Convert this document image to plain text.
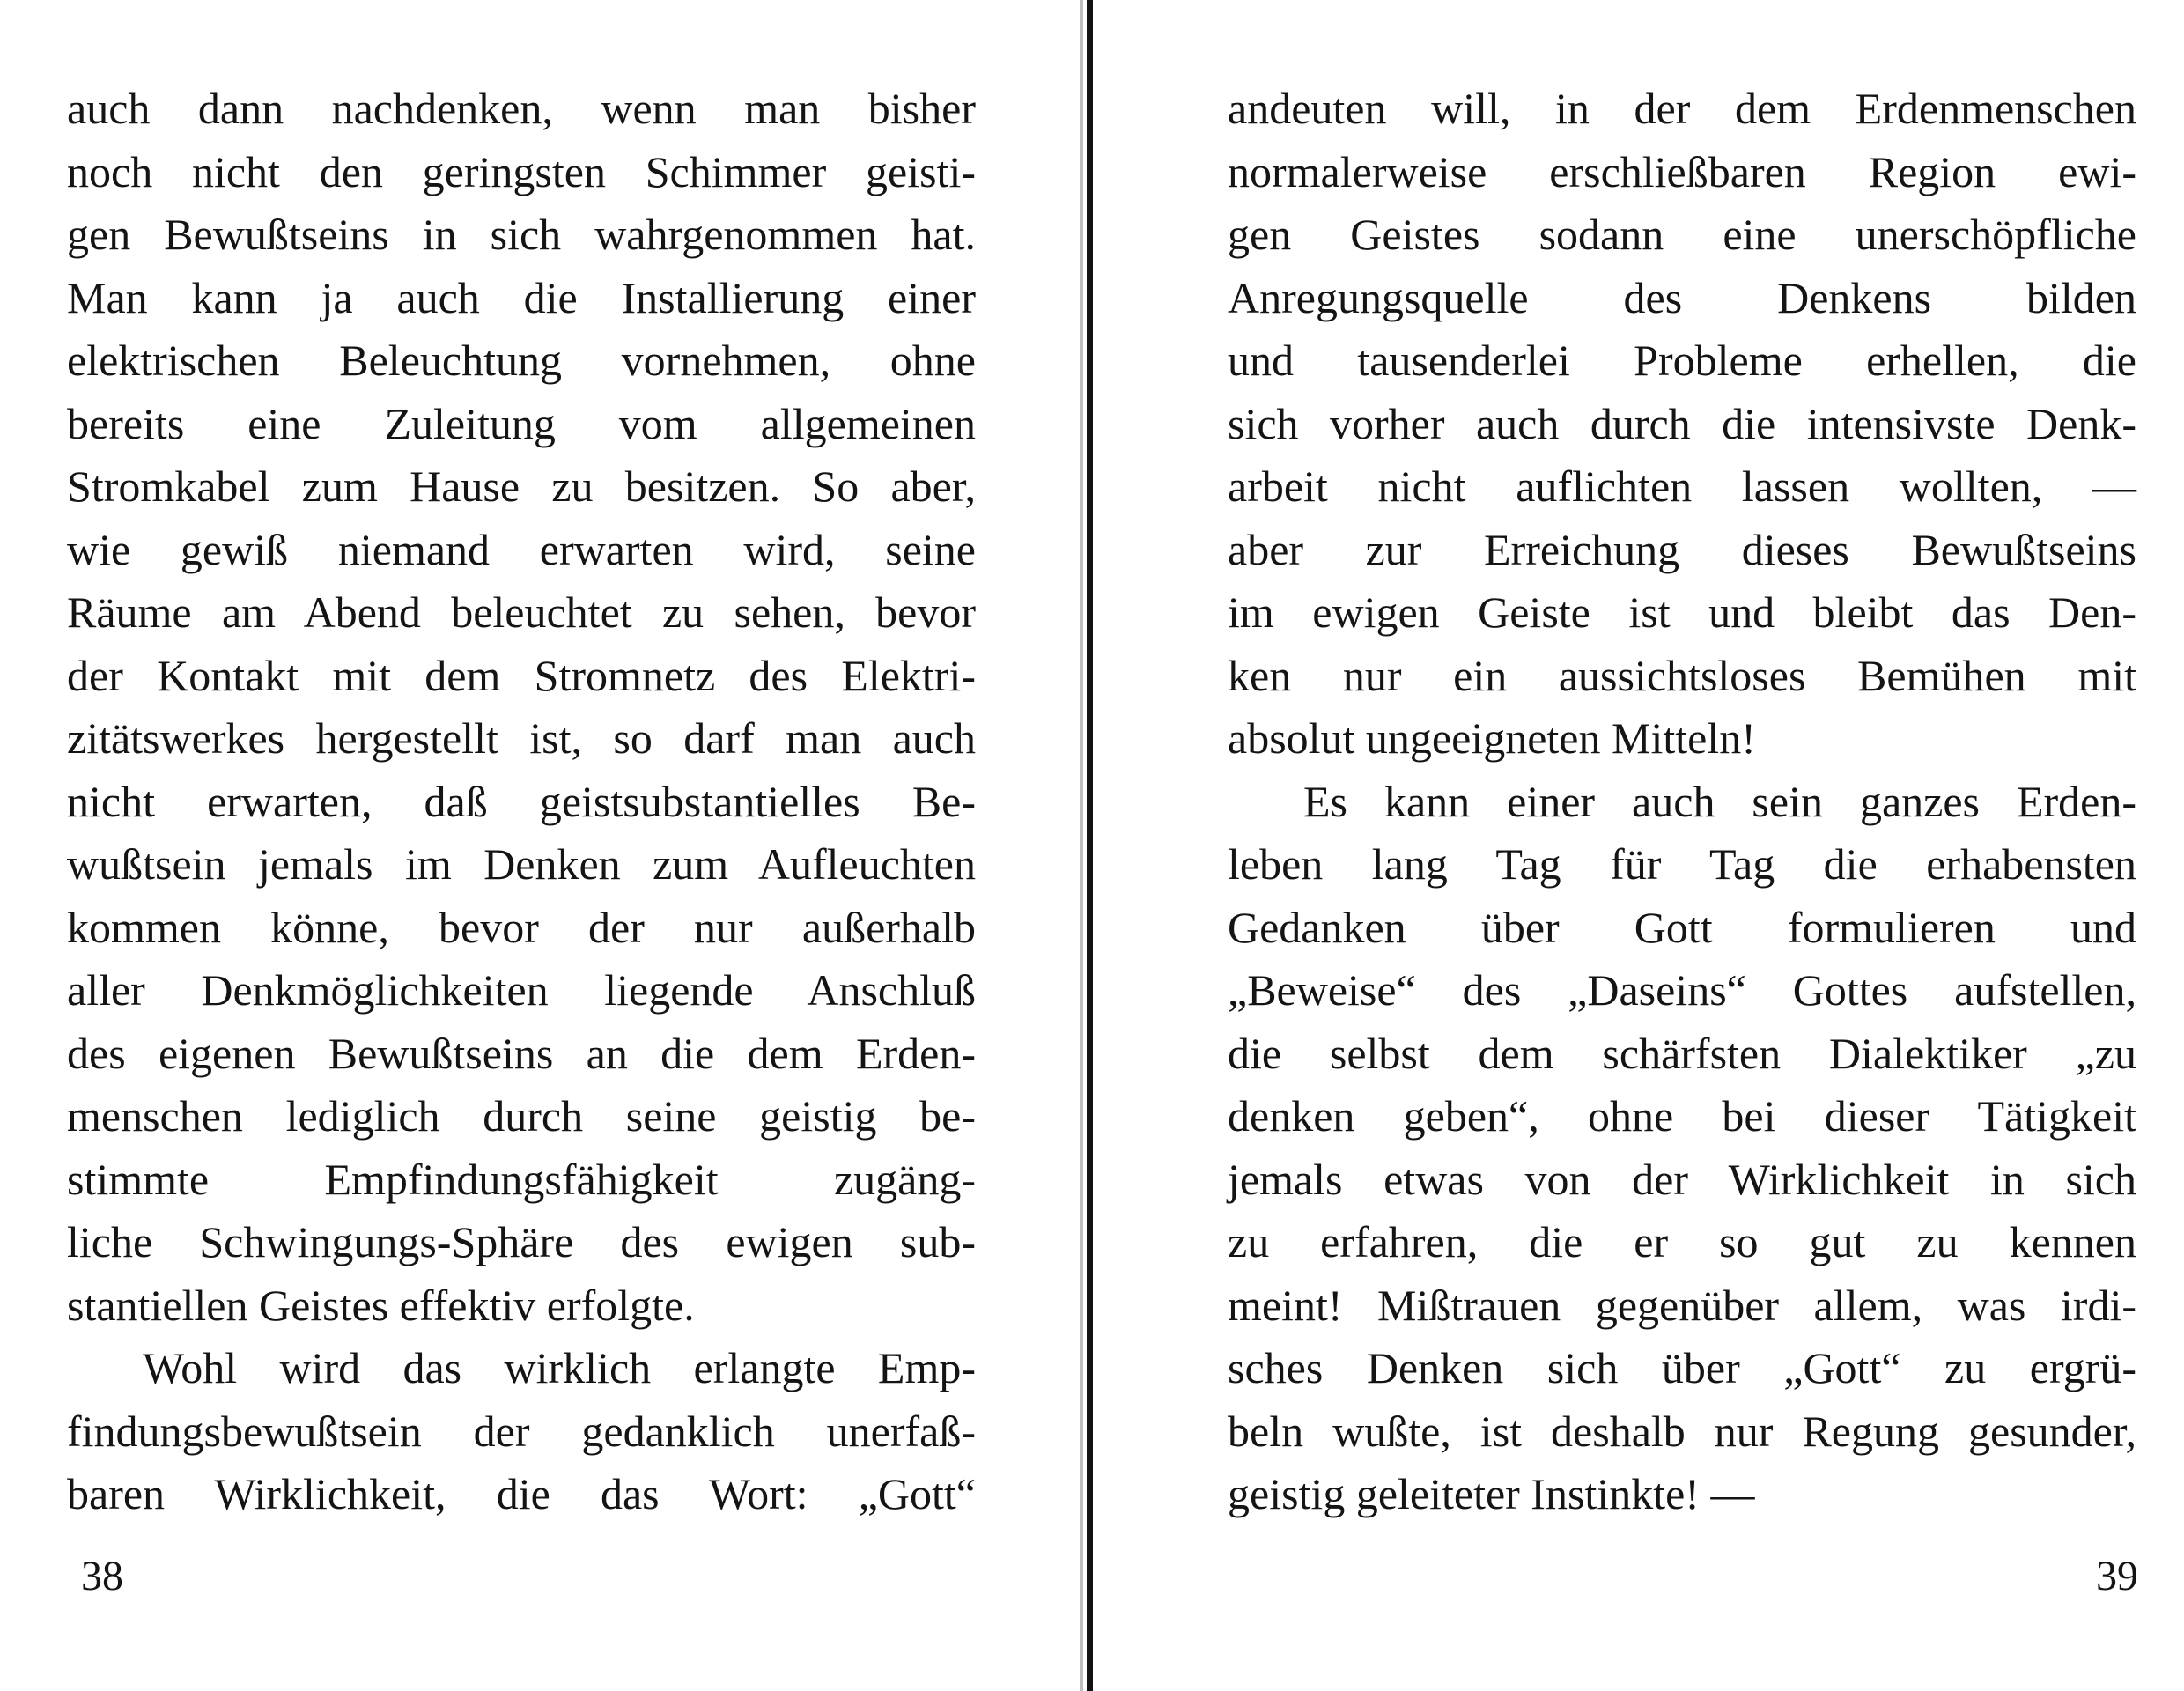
auch dann nachdenken, wenn man bisher
noch nicht den geringsten Schimmer geisti-
gen Bewußtseins in sich wahrgenommen hat.
Man kann ja auch die Installierung einer
elektrischen Beleuchtung vornehmen, ohne
bereits eine Zuleitung vom allgemeinen
Stromkabel zum Hause zu besitzen. So aber,
wie gewiß niemand erwarten wird, seine
Räume am Abend beleuchtet zu sehen, bevor
der Kontakt mit dem Stromnetz des Elektri-
zitätswerkes hergestellt ist, so darf man auch
nicht erwarten, daß geistsubstantielles Be-
wußtsein jemals im Denken zum Aufleuchten
kommen könne, bevor der nur außerhalb
aller Denkmöglichkeiten liegende Anschluß
des eigenen Bewußtseins an die dem Erden-
menschen lediglich durch seine geistig be-
stimmte Empfindungsfähigkeit zugäng-
liche Schwingungs-Sphäre des ewigen sub-
stantiellen Geistes effektiv erfolgte.
Wohl wird das wirklich erlangte Emp-
findungsbewußtsein der gedanklich unerfaß-
baren Wirklichkeit, die das Wort: „Gott“
38
andeuten will, in der dem Erdenmenschen
normalerweise erschließbaren Region ewi-
gen Geistes sodann eine unerschöpfliche
Anregungsquelle des Denkens bilden
und tausenderlei Probleme erhellen, die
sich vorher auch durch die intensivste Denk-
arbeit nicht auflichten lassen wollten, —
aber zur Erreichung dieses Bewußtseins
im ewigen Geiste ist und bleibt das Den-
ken nur ein aussichtsloses Bemühen mit
absolut ungeeigneten Mitteln!
Es kann einer auch sein ganzes Erden-
leben lang Tag für Tag die erhabensten
Gedanken über Gott formulieren und
„Beweise“ des „Daseins“ Gottes aufstellen,
die selbst dem schärfsten Dialektiker „zu
denken geben“, ohne bei dieser Tätigkeit
jemals etwas von der Wirklichkeit in sich
zu erfahren, die er so gut zu kennen
meint! Mißtrauen gegenüber allem, was irdi-
sches Denken sich über „Gott“ zu ergrü-
beln wußte, ist deshalb nur Regung gesunder,
geistig geleiteter Instinkte! —
39
